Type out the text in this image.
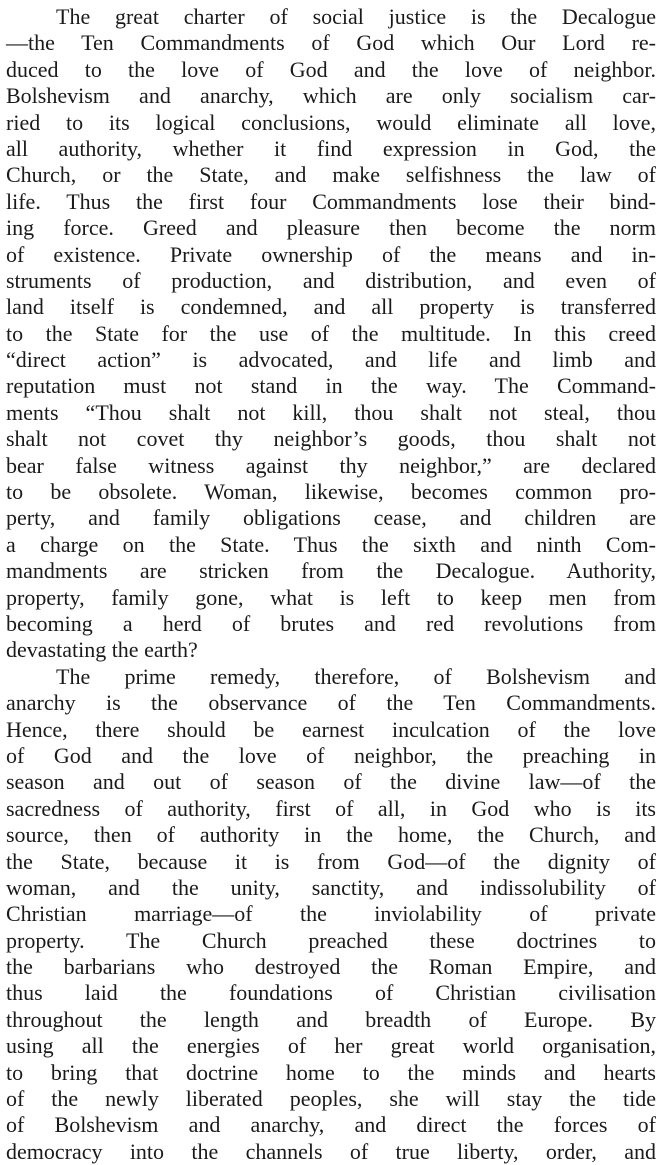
The great charter of social justice is the Decalogue
—the Ten Commandments of God which Our Lord re-
duced to the love of God and the love of neighbor.
Bolshevism and anarchy, which are only socialism car-
ried to its logical conclusions, would eliminate all love,
all authority, whether it find expression in God, the
Church, or the State, and make selfishness the law of
life. Thus the first four Commandments lose their bind-
ing force. Greed and pleasure then become the norm
of existence. Private ownership of the means and in-
struments of production, and distribution, and even of
land itself is condemned, and all property is transferred
to the State for the use of the multitude. In this creed
“direct action” is advocated, and life and limb and
reputation must not stand in the way. The Command-
ments “Thou shalt not kill, thou shalt not steal, thou
shalt not covet thy neighbor’s goods, thou shalt not
bear false witness against thy neighbor,” are declared
to be obsolete. Woman, likewise, becomes common pro-
perty, and family obligations cease, and children are
a charge on the State. Thus the sixth and ninth Com-
mandments are stricken from the Decalogue. Authority,
property, family gone, what is left to keep men from
becoming a herd of brutes and red revolutions from
devastating the earth?
The prime remedy, therefore, of Bolshevism and
anarchy is the observance of the Ten Commandments.
Hence, there should be earnest inculcation of the love
of God and the love of neighbor, the preaching in
season and out of season of the divine law—of the
sacredness of authority, first of all, in God who is its
source, then of authority in the home, the Church, and
the State, because it is from God—of the dignity of
woman, and the unity, sanctity, and indissolubility of
Christian marriage—of the inviolability of private
property. The Church preached these doctrines to
the barbarians who destroyed the Roman Empire, and
thus laid the foundations of Christian civilisation
throughout the length and breadth of Europe. By
using all the energies of her great world organisation,
to bring that doctrine home to the minds and hearts
of the newly liberated peoples, she will stay the tide
of Bolshevism and anarchy, and direct the forces of
democracy into the channels of true liberty, order, and
